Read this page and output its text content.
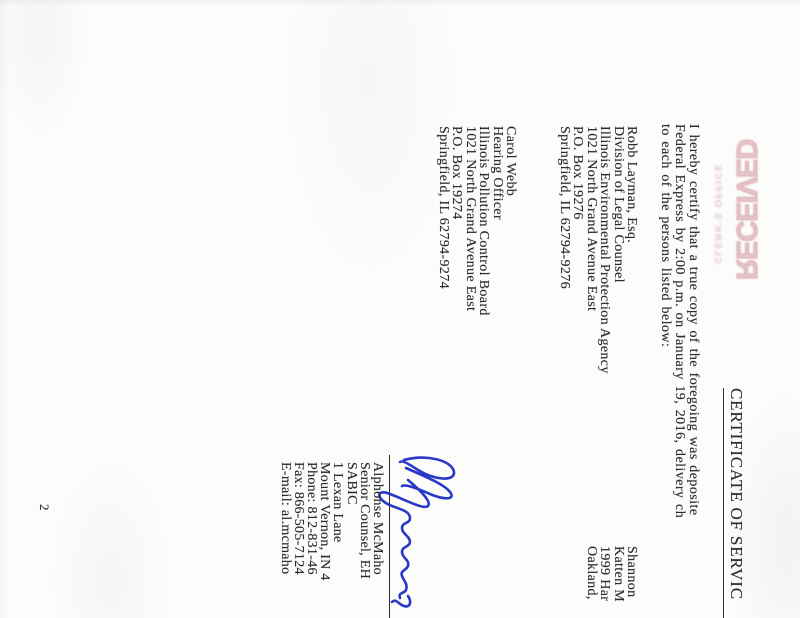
RECEIVED
CLERK'S OFFICE
CERTIFICATE OF SERVIC
I hereby certify that a true copy of the foregoing was deposite
Federal Express by 2:00 p.m. on January 19, 2016, delivery ch
to each of the persons listed below:
Robb Layman, Esq.
Division of Legal Counsel
Illinois Environmental Protection Agency
1021 North Grand Avenue East
P.O. Box 19276
Springfield, IL 62794-9276
Shannon
Katten M
1999 Har
Oakland,
Carol Webb
Hearing Officer
Illinois Pollution Control Board
1021 North Grand Avenue East
P.O. Box 19274
Springfield, IL 62794-9274
Alphonse McMaho
Senior Counsel, EH
SABIC
1 Lexan Lane
Mount Vernon, IN 4
Phone: 812-831-46
Fax: 866-505-7124
E-mail: al.mcmaho
2
